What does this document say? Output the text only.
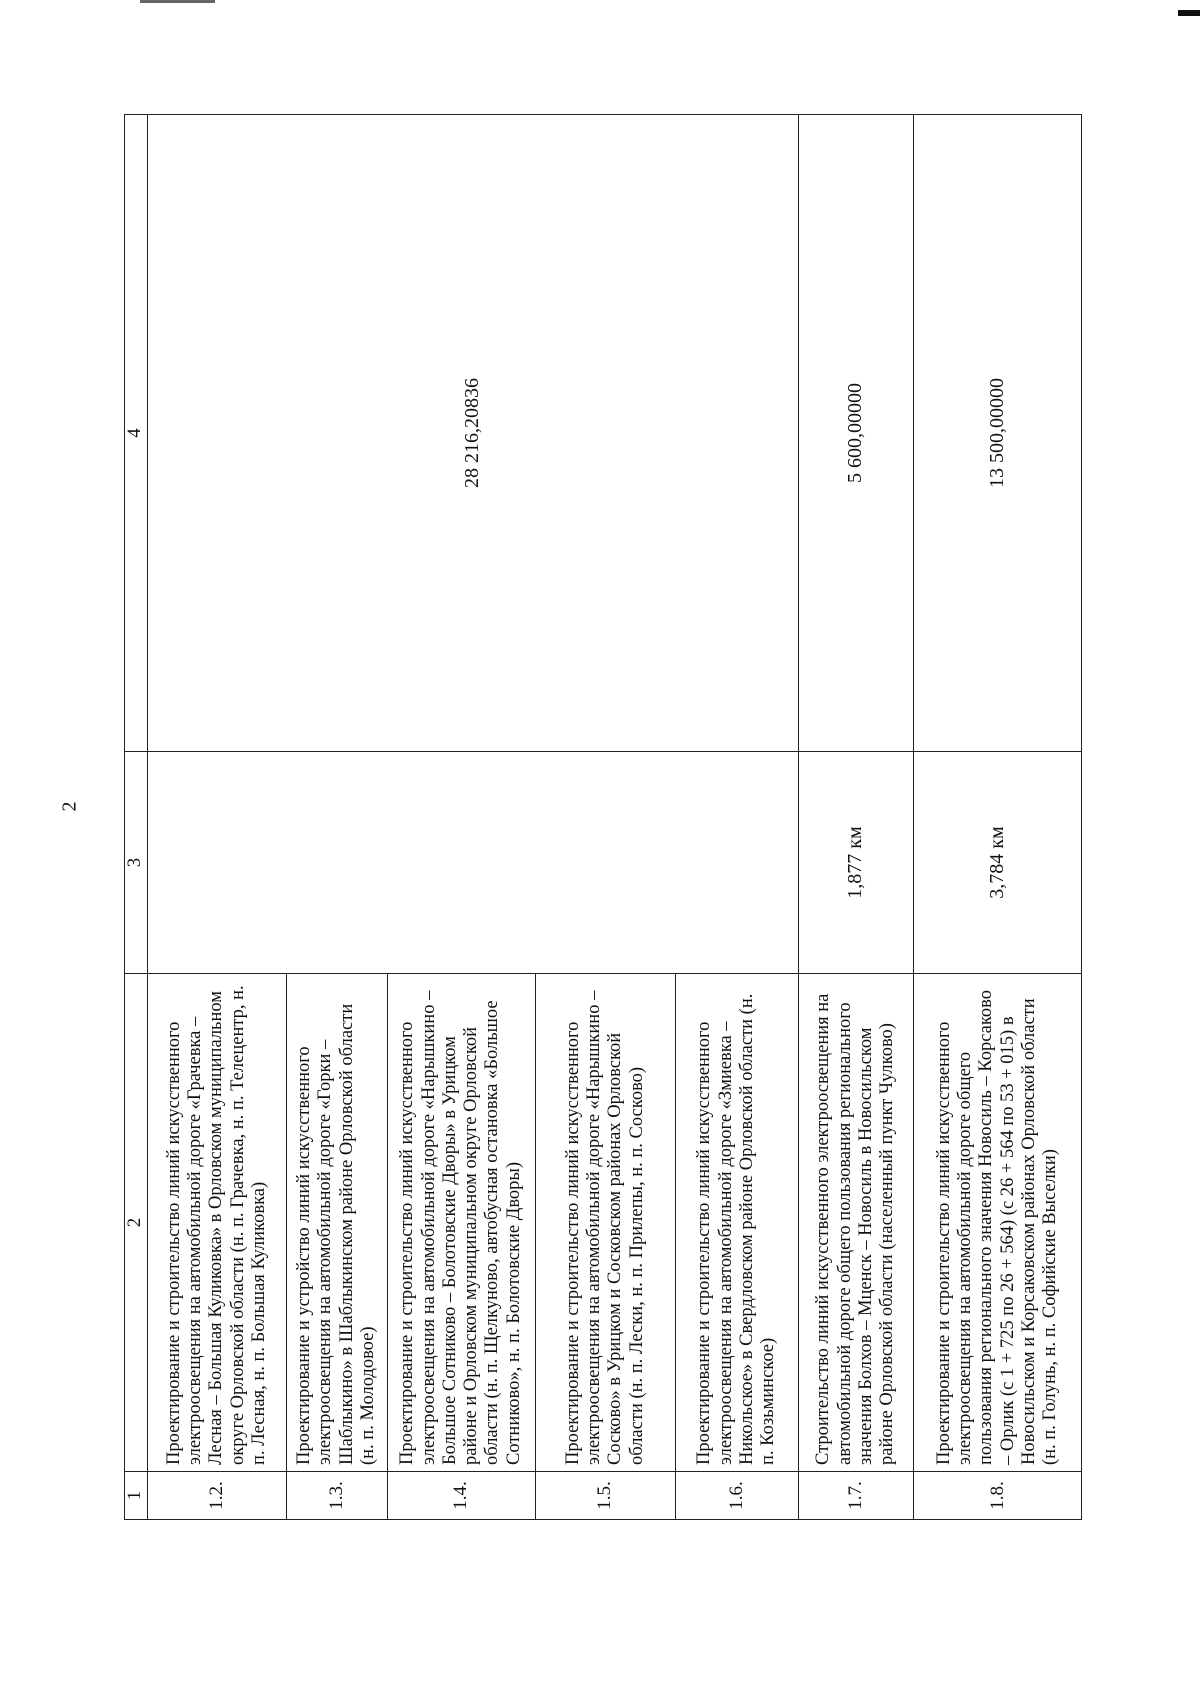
2
1	2	3	4
1.2.	Проектирование и строительство линий искусственного электроосвещения на автомобильной дороге «Грачевка – Лесная – Большая Куликовка» в Орловском муниципальном округе Орловской области (н. п. Грачевка, н. п. Телецентр, н. п. Лесная, н. п. Большая Куликовка)		28 216,20836
1.3.	Проектирование и устройство линий искусственного электроосвещения на автомобильной дороге «Горки – Шаблыкино» в Шаблыкинском районе Орловской области (н. п. Молодовое)		
1.4.	Проектирование и строительство линий искусственного электроосвещения на автомобильной дороге «Нарышкино – Большое Сотниково – Болотовские Дворы» в Урицком районе и Орловском муниципальном округе Орловской области (н. п. Щелкуново, автобусная остановка «Большое Сотниково», н. п. Болотовские Дворы)		
1.5.	Проектирование и строительство линий искусственного электроосвещения на автомобильной дороге «Нарышкино – Сосково» в Урицком и Сосковском районах Орловской области (н. п. Лески, н. п. Прилепы, н. п. Сосково)		
1.6.	Проектирование и строительство линий искусственного электроосвещения на автомобильной дороге «Змиевка – Никольское» в Свердловском районе Орловской области (н. п. Козьминское)		
1.7.	Строительство линий искусственного электроосвещения на автомобильной дороге общего пользования регионального значения Болхов – Мценск – Новосиль в Новосильском районе Орловской области (населенный пункт Чулково)	1,877 км	5 600,00000
1.8.	Проектирование и строительство линий искусственного электроосвещения на автомобильной дороге общего пользования регионального значения Новосиль – Корсаково – Орлик (с 1 + 725 по 26 + 564) (с 26 + 564 по 53 + 015) в Новосильском и Корсаковском районах Орловской области (н. п. Голунь, н. п. Софийские Выселки)	3,784 км	13 500,00000
